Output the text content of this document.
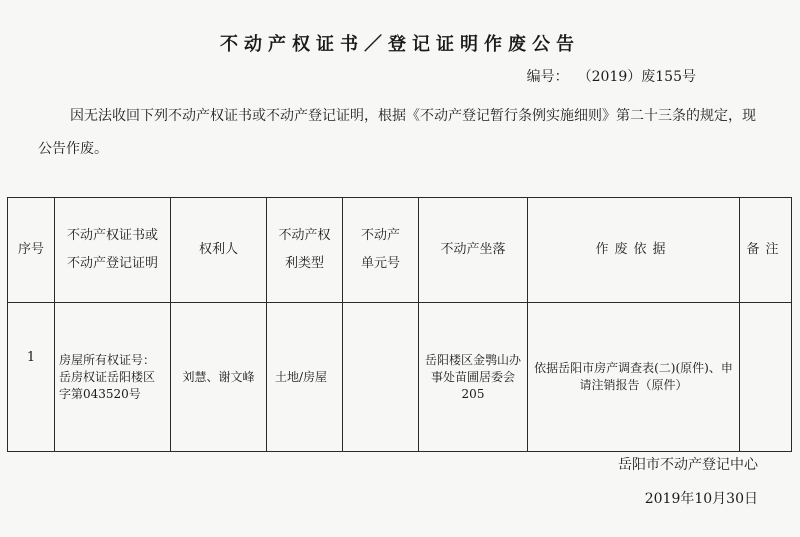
不动产权证书／登记证明作废公告
编号： （2019）废155号
因无法收回下列不动产权证书或不动产登记证明，根据《不动产登记暂行条例实施细则》第二十三条的规定，现公告作废。
序号	不动产权证书或不动产登记证明	权利人	不动产权利类型	不动产单元号	不动产坐落	作废依据	备注
1	房屋所有权证号：岳房权证岳阳楼区字第043520号	刘慧、谢文峰	土地/房屋		岳阳楼区金鹗山办事处苗圃居委会205	依据岳阳市房产调查表(二)(原件)、申请注销报告（原件）	
岳阳市不动产登记中心
2019年10月30日
